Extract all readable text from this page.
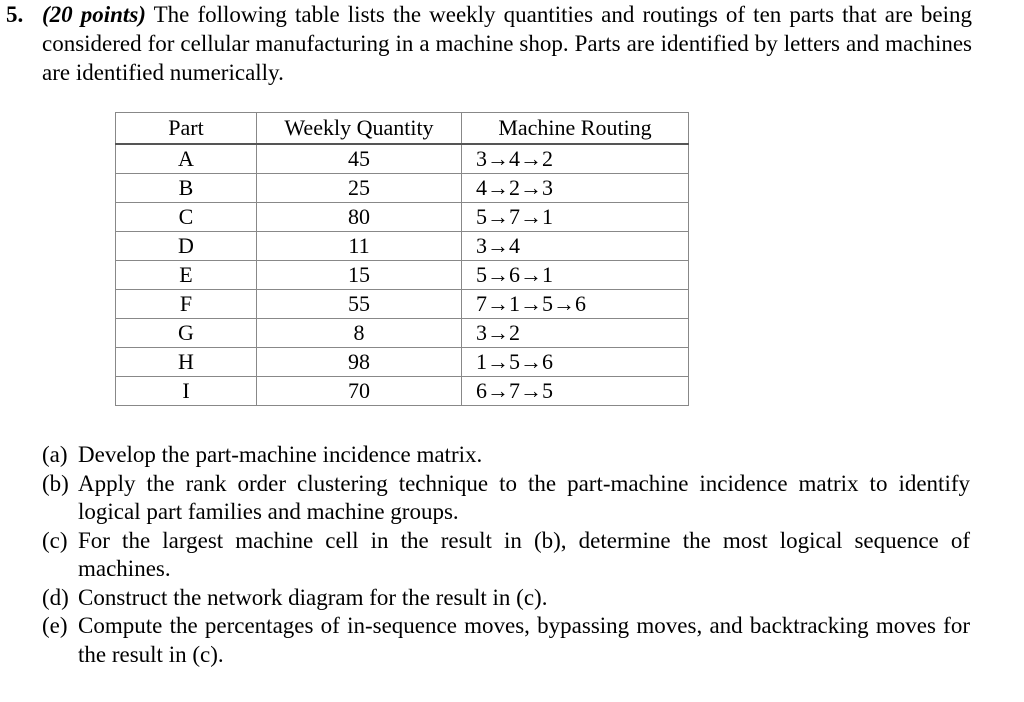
5. (20 points) The following table lists the weekly quantities and routings of ten parts that are being considered for cellular manufacturing in a machine shop. Parts are identified by letters and machines are identified numerically.
Part	Weekly Quantity	Machine Routing
A	45	3→4→2
B	25	4→2→3
C	80	5→7→1
D	11	3→4
E	15	5→6→1
F	55	7→1→5→6
G	8	3→2
H	98	1→5→6
I	70	6→7→5
(a) Develop the part-machine incidence matrix.
(b) Apply the rank order clustering technique to the part-machine incidence matrix to identify logical part families and machine groups.
(c) For the largest machine cell in the result in (b), determine the most logical sequence of machines.
(d) Construct the network diagram for the result in (c).
(e) Compute the percentages of in-sequence moves, bypassing moves, and backtracking moves for the result in (c).
